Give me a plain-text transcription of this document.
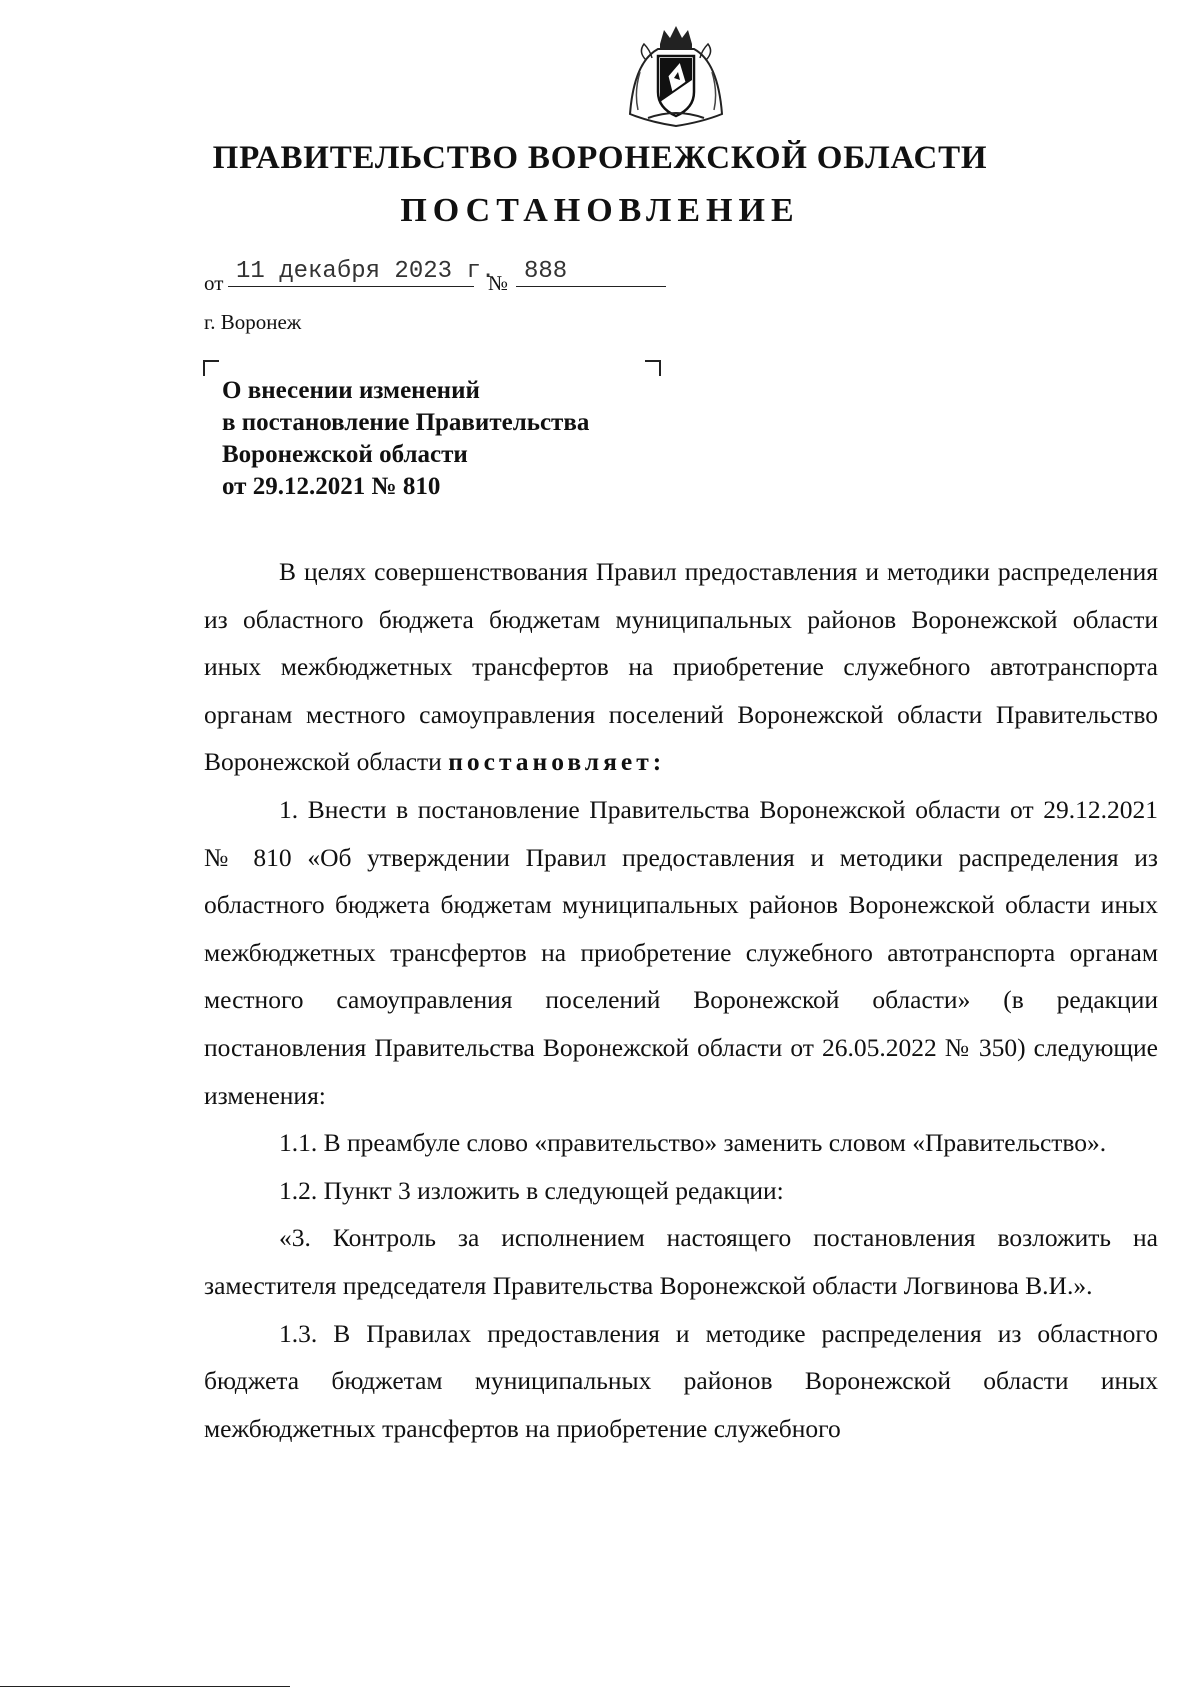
ПРАВИТЕЛЬСТВО ВОРОНЕЖСКОЙ ОБЛАСТИ
ПОСТАНОВЛЕНИЕ
от 11 декабря 2023 г.
№ 888
г. Воронеж
О внесении изменений
в постановление Правительства
Воронежской области
от 29.12.2021 № 810

В целях совершенствования Правил предоставления и методики распределения из областного бюджета бюджетам муниципальных районов Воронежской области иных межбюджетных трансфертов на приобретение служебного автотранспорта органам местного самоуправления поселений Воронежской области Правительство Воронежской области постановляет:

1. Внести в постановление Правительства Воронежской области от 29.12.2021 № 810 «Об утверждении Правил предоставления и методики распределения из областного бюджета бюджетам муниципальных районов Воронежской области иных межбюджетных трансфертов на приобретение служебного автотранспорта органам местного самоуправления поселений Воронежской области» (в редакции постановления Правительства Воронежской области от 26.05.2022 № 350) следующие изменения:

1.1. В преамбуле слово «правительство» заменить словом «Правительство».

1.2. Пункт 3 изложить в следующей редакции:

«3. Контроль за исполнением настоящего постановления возложить на заместителя председателя Правительства Воронежской области Логвинова В.И.».

1.3. В Правилах предоставления и методике распределения из областного бюджета бюджетам муниципальных районов Воронежской области иных межбюджетных трансфертов на приобретение служебного
